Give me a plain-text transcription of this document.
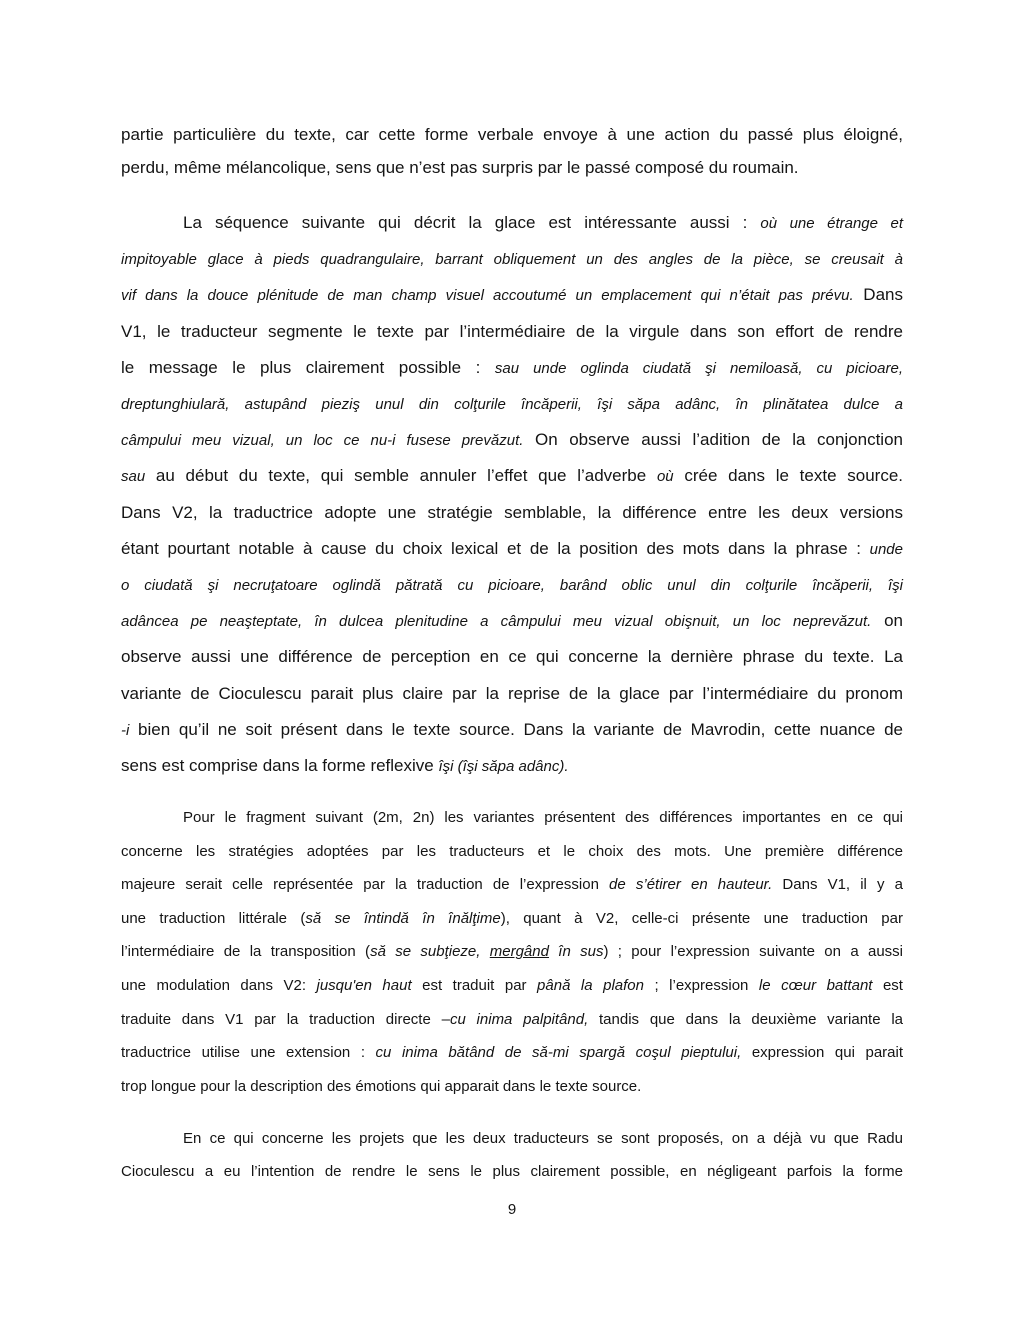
partie particulière du texte, car cette forme verbale envoye à une action du passé plus éloigné,
perdu, même mélancolique, sens que n’est pas surpris par le passé composé du roumain.
La séquence suivante qui décrit la glace est intéressante aussi : où une étrange et
impitoyable glace à pieds quadrangulaire, barrant obliquement un des angles de la pièce, se creusait à
vif dans la douce plénitude de man champ visuel accoutumé un emplacement qui n’était pas prévu. Dans
V1, le traducteur segmente le texte par l’intermédiaire de la virgule dans son effort de rendre
le message le plus clairement possible : sau unde oglinda ciudată şi nemiloasă, cu picioare,
dreptunghiulară, astupând pieziş unul din colţurile încăperii, îşi săpa adânc, în plinătatea dulce a
câmpului meu vizual, un loc ce nu-i fusese prevăzut. On observe aussi l’adition de la conjonction
sau au début du texte, qui semble annuler l’effet que l’adverbe où crée dans le texte source.
Dans V2, la traductrice adopte une stratégie semblable, la différence entre les deux versions
étant pourtant notable à cause du choix lexical et de la position des mots dans la phrase : unde
o ciudată şi necruţatoare oglindă pătrată cu picioare, barând oblic unul din colţurile încăperii, îşi
adâncea pe neaşteptate, în dulcea plenitudine a câmpului meu vizual obişnuit, un loc neprevăzut. on
observe aussi une différence de perception en ce qui concerne la dernière phrase du texte. La
variante de Cioculescu parait plus claire par la reprise de la glace par l’intermédiaire du pronom
-i bien qu’il ne soit présent dans le texte source. Dans la variante de Mavrodin, cette nuance de
sens est comprise dans la forme reflexive îşi (îşi săpa adânc).
Pour le fragment suivant (2m, 2n) les variantes présentent des différences importantes en ce qui
concerne les stratégies adoptées par les traducteurs et le choix des mots. Une première différence
majeure serait celle représentée par la traduction de l’expression de s’étirer en hauteur. Dans V1, il y a
une traduction littérale (să se întindă în înălţime), quant à V2, celle-ci présente une traduction par
l’intermédiaire de la transposition (să se subţieze, mergând în sus) ; pour l’expression suivante on a aussi
une modulation dans V2: jusqu'en haut est traduit par până la plafon ; l’expression le cœur battant est
traduite dans V1 par la traduction directe –cu inima palpitând, tandis que dans la deuxième variante la
traductrice utilise une extension : cu inima bătând de să-mi spargă coşul pieptului, expression qui parait
trop longue pour la description des émotions qui apparait dans le texte source.
En ce qui concerne les projets que les deux traducteurs se sont proposés, on a déjà vu que Radu
Cioculescu a eu l’intention de rendre le sens le plus clairement possible, en négligeant parfois la forme
9
